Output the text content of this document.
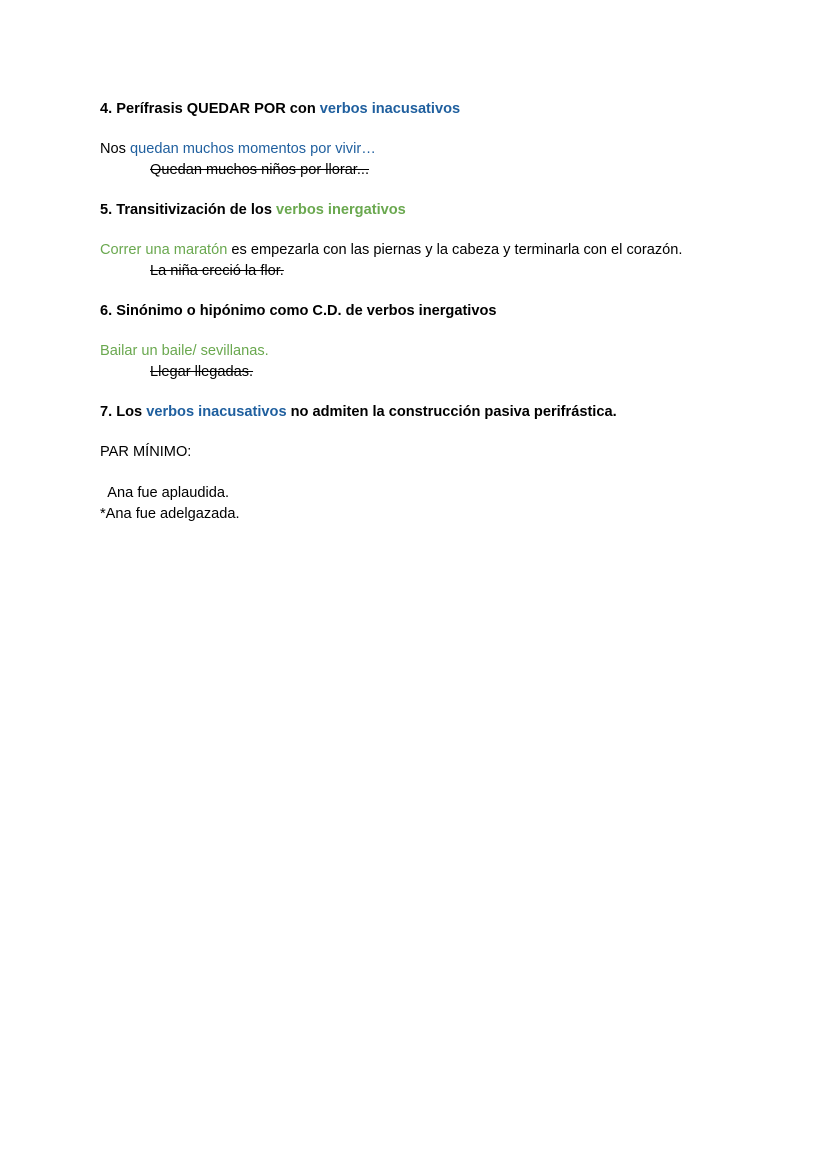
4. Perífrasis QUEDAR POR con verbos inacusativos
Nos quedan muchos momentos por vivir…
Quedan muchos niños por llorar...
5. Transitivización de los verbos inergativos
Correr una maratón es empezarla con las piernas y la cabeza y terminarla con el corazón.
La niña creció la flor.
6. Sinónimo o hipónimo como C.D. de verbos inergativos
Bailar un baile/ sevillanas.
Llegar llegadas.
7. Los verbos inacusativos no admiten la construcción pasiva perifrástica.
PAR MÍNIMO:
Ana fue aplaudida.
*Ana fue adelgazada.
